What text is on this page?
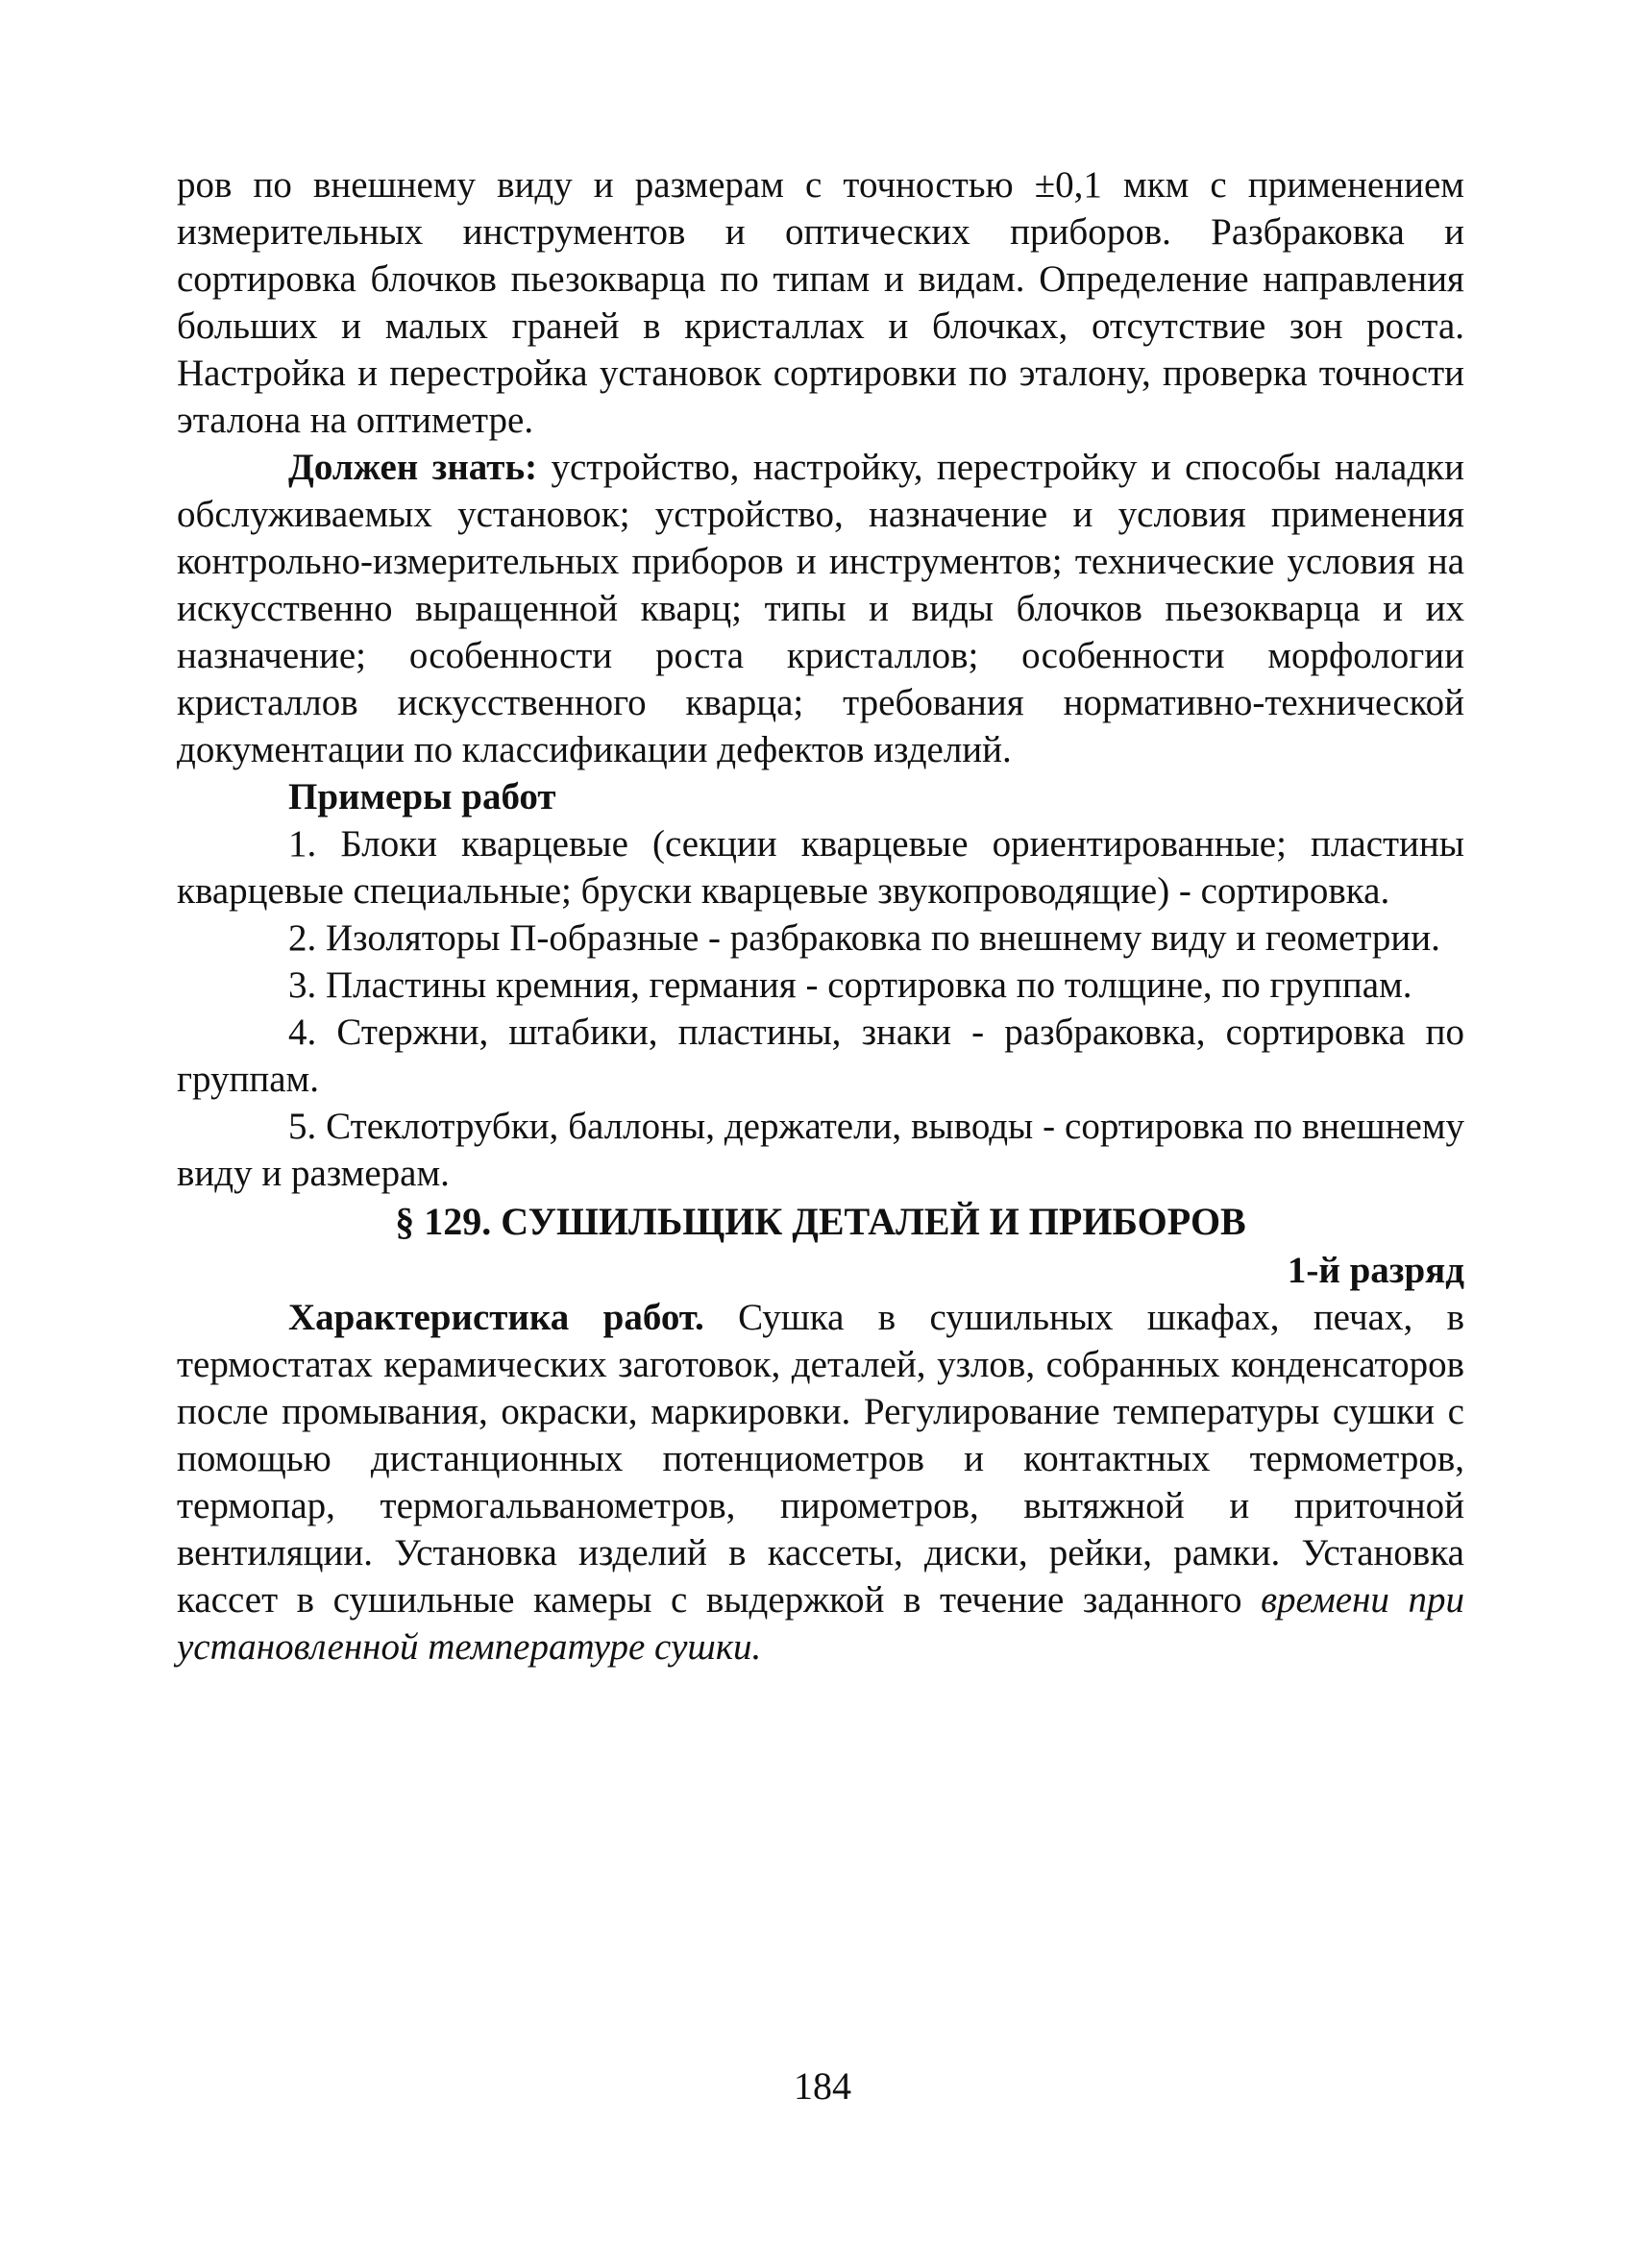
ров по внешнему виду и размерам с точностью ±0,1 мкм с применением измерительных инструментов и оптических приборов. Разбраковка и сортировка блочков пьезокварца по типам и видам. Определение направления больших и малых граней в кристаллах и блочках, отсутствие зон роста. Настройка и перестройка установок сортировки по эталону, проверка точности эталона на оптиметре.

Должен знать: устройство, настройку, перестройку и способы наладки обслуживаемых установок; устройство, назначение и условия применения контрольно-измерительных приборов и инструментов; технические условия на искусственно выращенной кварц; типы и виды блочков пьезокварца и их назначение; особенности роста кристаллов; особенности морфологии кристаллов искусственного кварца; требования нормативно-технической документации по классификации дефектов изделий.

Примеры работ

1. Блоки кварцевые (секции кварцевые ориентированные; пластины кварцевые специальные; бруски кварцевые звукопроводящие) - сортировка.

2. Изоляторы П-образные - разбраковка по внешнему виду и геометрии.

3. Пластины кремния, германия - сортировка по толщине, по группам.

4. Стержни, штабики, пластины, знаки - разбраковка, сортировка по группам.

5. Стеклотрубки, баллоны, держатели, выводы - сортировка по внешнему виду и размерам.

§ 129. СУШИЛЬЩИК ДЕТАЛЕЙ И ПРИБОРОВ

1-й разряд

Характеристика работ. Сушка в сушильных шкафах, печах, в термостатах керамических заготовок, деталей, узлов, собранных конденсаторов после промывания, окраски, маркировки. Регулирование температуры сушки с помощью дистанционных потенциометров и контактных термометров, термопар, термогальванометров, пирометров, вытяжной и приточной вентиляции. Установка изделий в кассеты, диски, рейки, рамки. Установка кассет в сушильные камеры с выдержкой в течение заданного времени при установленной температуре сушки.

184
